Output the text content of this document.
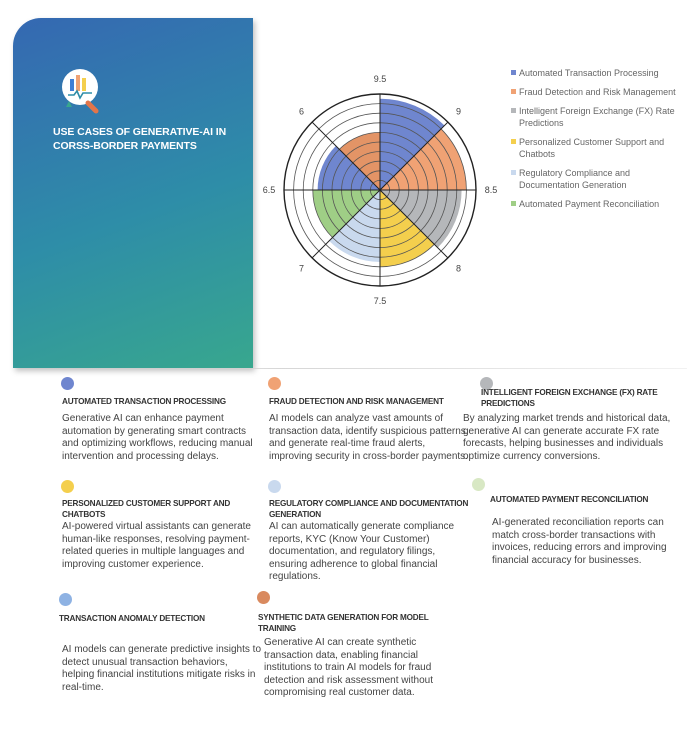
USE CASES OF GENERATIVE-AI IN CORSS-BORDER PAYMENTS
9.5
9
8.5
8
7.5
7
6.5
6
Automated Transaction Processing
Fraud Detection and Risk Management
Intelligent Foreign Exchange (FX) Rate Predictions
Personalized Customer Support and Chatbots
Regulatory Compliance and Documentation Generation
Automated Payment Reconciliation
AUTOMATED TRANSACTION PROCESSING
Generative AI can enhance payment automation by generating smart contracts and optimizing workflows, reducing manual intervention and processing delays.
FRAUD DETECTION AND RISK MANAGEMENT
AI models can analyze vast amounts of transaction data, identify suspicious patterns, and generate real-time fraud alerts, improving security in cross-border payments.
INTELLIGENT FOREIGN EXCHANGE (FX) RATE PREDICTIONS
By analyzing market trends and historical data, generative AI can generate accurate FX rate forecasts, helping businesses and individuals optimize currency conversions.
PERSONALIZED CUSTOMER SUPPORT AND CHATBOTS
AI-powered virtual assistants can generate human-like responses, resolving payment-related queries in multiple languages and improving customer experience.
REGULATORY COMPLIANCE AND DOCUMENTATION GENERATION
AI can automatically generate compliance reports, KYC (Know Your Customer) documentation, and regulatory filings, ensuring adherence to global financial regulations.
AUTOMATED PAYMENT RECONCILIATION
AI-generated reconciliation reports can match cross-border transactions with invoices, reducing errors and improving financial accuracy for businesses.
TRANSACTION ANOMALY DETECTION
AI models can generate predictive insights to detect unusual transaction behaviors, helping financial institutions mitigate risks in real-time.
SYNTHETIC DATA GENERATION FOR MODEL TRAINING
Generative AI can create synthetic transaction data, enabling financial institutions to train AI models for fraud detection and risk assessment without compromising real customer data.
